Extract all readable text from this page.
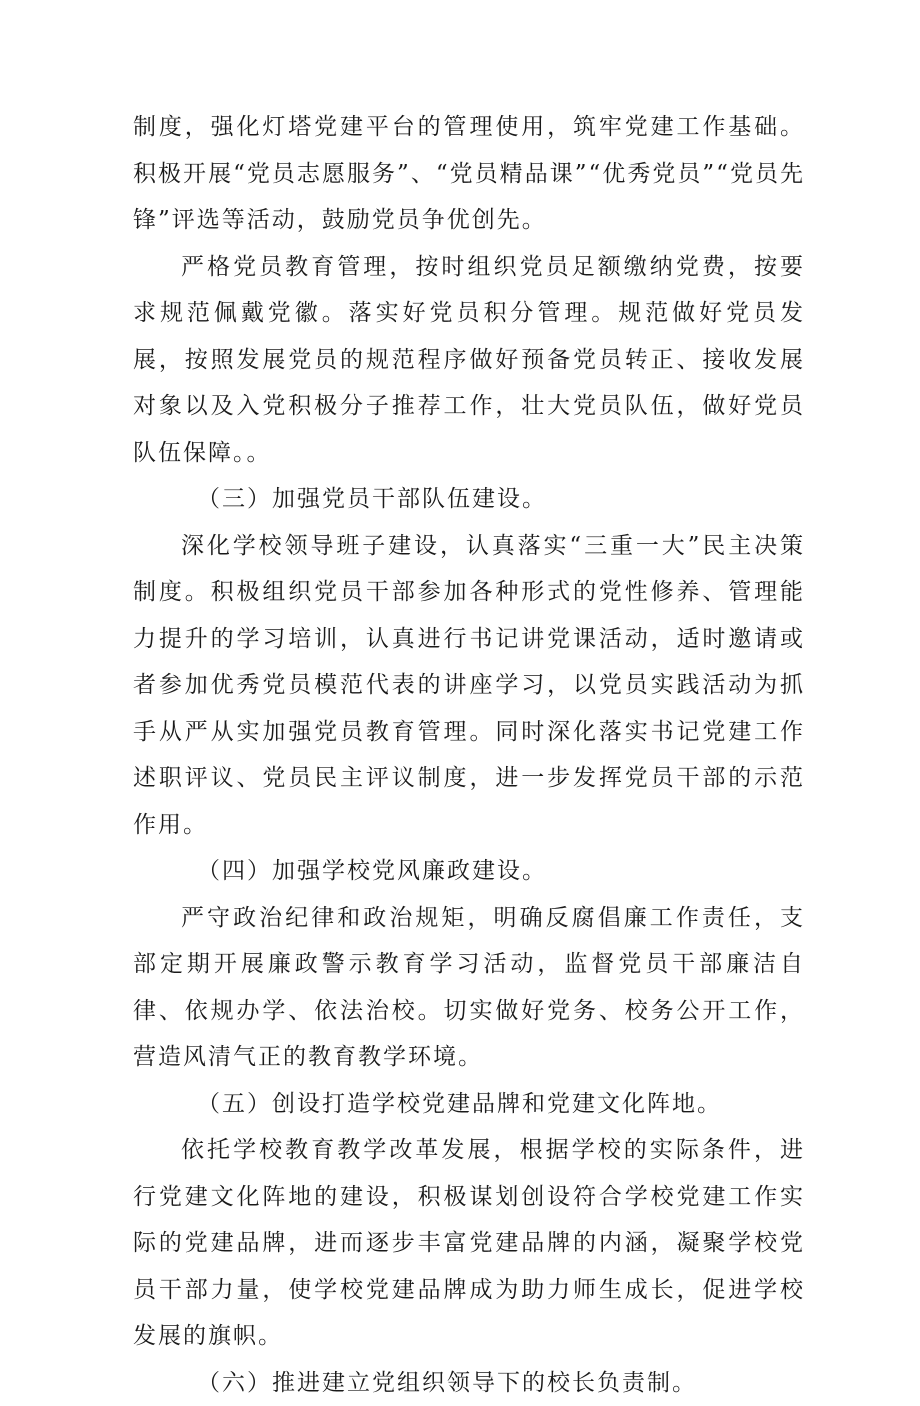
制度，强化灯塔党建平台的管理使用，筑牢党建工作基础。积极开展“党员志愿服务”、“党员精品课”“优秀党员”“党员先锋”评选等活动，鼓励党员争优创先。

严格党员教育管理，按时组织党员足额缴纳党费，按要求规范佩戴党徽。落实好党员积分管理。规范做好党员发展，按照发展党员的规范程序做好预备党员转正、接收发展对象以及入党积极分子推荐工作，壮大党员队伍，做好党员队伍保障。。

（三）加强党员干部队伍建设。

深化学校领导班子建设，认真落实“三重一大”民主决策制度。积极组织党员干部参加各种形式的党性修养、管理能力提升的学习培训，认真进行书记讲党课活动，适时邀请或者参加优秀党员模范代表的讲座学习，以党员实践活动为抓手从严从实加强党员教育管理。同时深化落实书记党建工作述职评议、党员民主评议制度，进一步发挥党员干部的示范作用。

（四）加强学校党风廉政建设。

严守政治纪律和政治规矩，明确反腐倡廉工作责任，支部定期开展廉政警示教育学习活动，监督党员干部廉洁自律、依规办学、依法治校。切实做好党务、校务公开工作，营造风清气正的教育教学环境。

（五）创设打造学校党建品牌和党建文化阵地。

依托学校教育教学改革发展，根据学校的实际条件，进行党建文化阵地的建设，积极谋划创设符合学校党建工作实际的党建品牌，进而逐步丰富党建品牌的内涵，凝聚学校党员干部力量，使学校党建品牌成为助力师生成长，促进学校发展的旗帜。

（六）推进建立党组织领导下的校长负责制。
